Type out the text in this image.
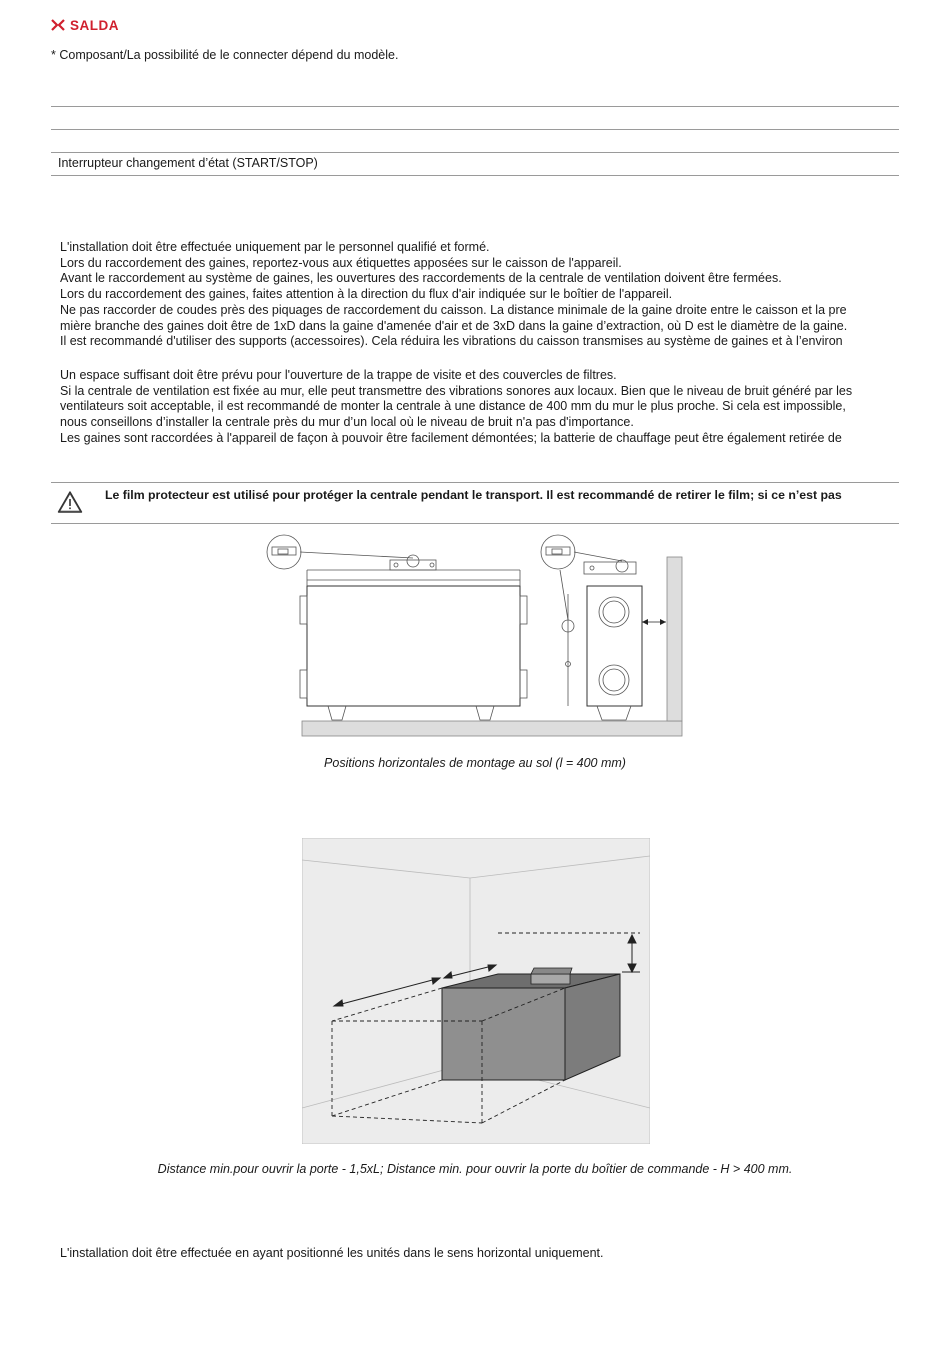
SALDA
* Composant/La possibilité de le connecter dépend du modèle.
Interrupteur changement d’état (START/STOP)

L'installation doit être effectuée uniquement par le personnel qualifié et formé.

Lors du raccordement des gaines, reportez-vous aux étiquettes apposées sur le caisson de l'appareil.

Avant le raccordement au système de gaines, les ouvertures des raccordements de la centrale de ventilation doivent être fermées.

Lors du raccordement des gaines, faites attention à la direction du flux d'air indiquée sur le boîtier de l'appareil.

Ne pas raccorder de coudes près des piquages de raccordement du caisson. La distance minimale de la gaine droite entre le caisson et la pre

mière branche des gaines doit être de 1xD dans la gaine d'amenée d'air et de 3xD dans la gaine d’extraction, où D est le diamètre de la gaine.

Il est recommandé d'utiliser des supports (accessoires). Cela réduira les vibrations du caisson transmises au système de gaines et à l’environ

Un espace suffisant doit être prévu pour l'ouverture de la trappe de visite et des couvercles de filtres.

Si la centrale de ventilation est fixée au mur, elle peut transmettre des vibrations sonores aux locaux. Bien que le niveau de bruit généré par les

ventilateurs soit acceptable, il est recommandé de monter la centrale à une distance de 400 mm du mur le plus proche. Si cela est impossible,

nous conseillons d’installer la centrale près du mur d’un local où le niveau de bruit n'a pas d'importance.

Les gaines sont raccordées à l'appareil de façon à pouvoir être facilement démontées; la batterie de chauffage peut être également retirée de

Le film protecteur est utilisé pour protéger la centrale pendant le transport. Il est recommandé de retirer le film; si ce n’est pas
Positions horizontales de montage au sol (l = 400 mm)
Distance min.pour ouvrir la porte - 1,5xL; Distance min. pour ouvrir la porte du boîtier de commande - H > 400 mm.
L'installation doit être effectuée en ayant positionné les unités dans le sens horizontal uniquement.
